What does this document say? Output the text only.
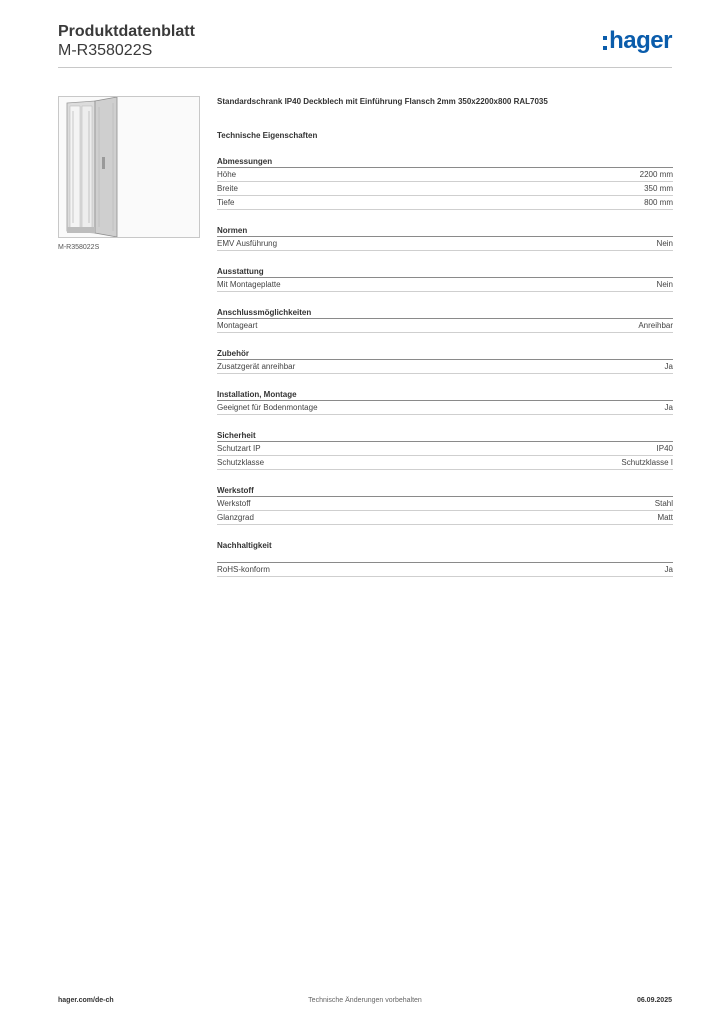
Produktdatenblatt
M-R358022S	hager
M-R358022S
Standardschrank IP40 Deckblech mit Einführung Flansch 2mm 350x2200x800 RAL7035
Technische Eigenschaften
Abmessungen
Höhe	2200 mm
Breite	350 mm
Tiefe	800 mm
Normen
EMV Ausführung	Nein
Ausstattung
Mit Montageplatte	Nein
Anschlussmöglichkeiten
Montageart	Anreihbar
Zubehör
Zusatzgerät anreihbar	Ja
Installation, Montage
Geeignet für Bodenmontage	Ja
Sicherheit
Schutzart IP	IP40
Schutzklasse	Schutzklasse I
Werkstoff
Werkstoff	Stahl
Glanzgrad	Matt
Nachhaltigkeit
RoHS-konform	Ja
hager.com/de-ch	Technische Änderungen vorbehalten	06.09.2025
